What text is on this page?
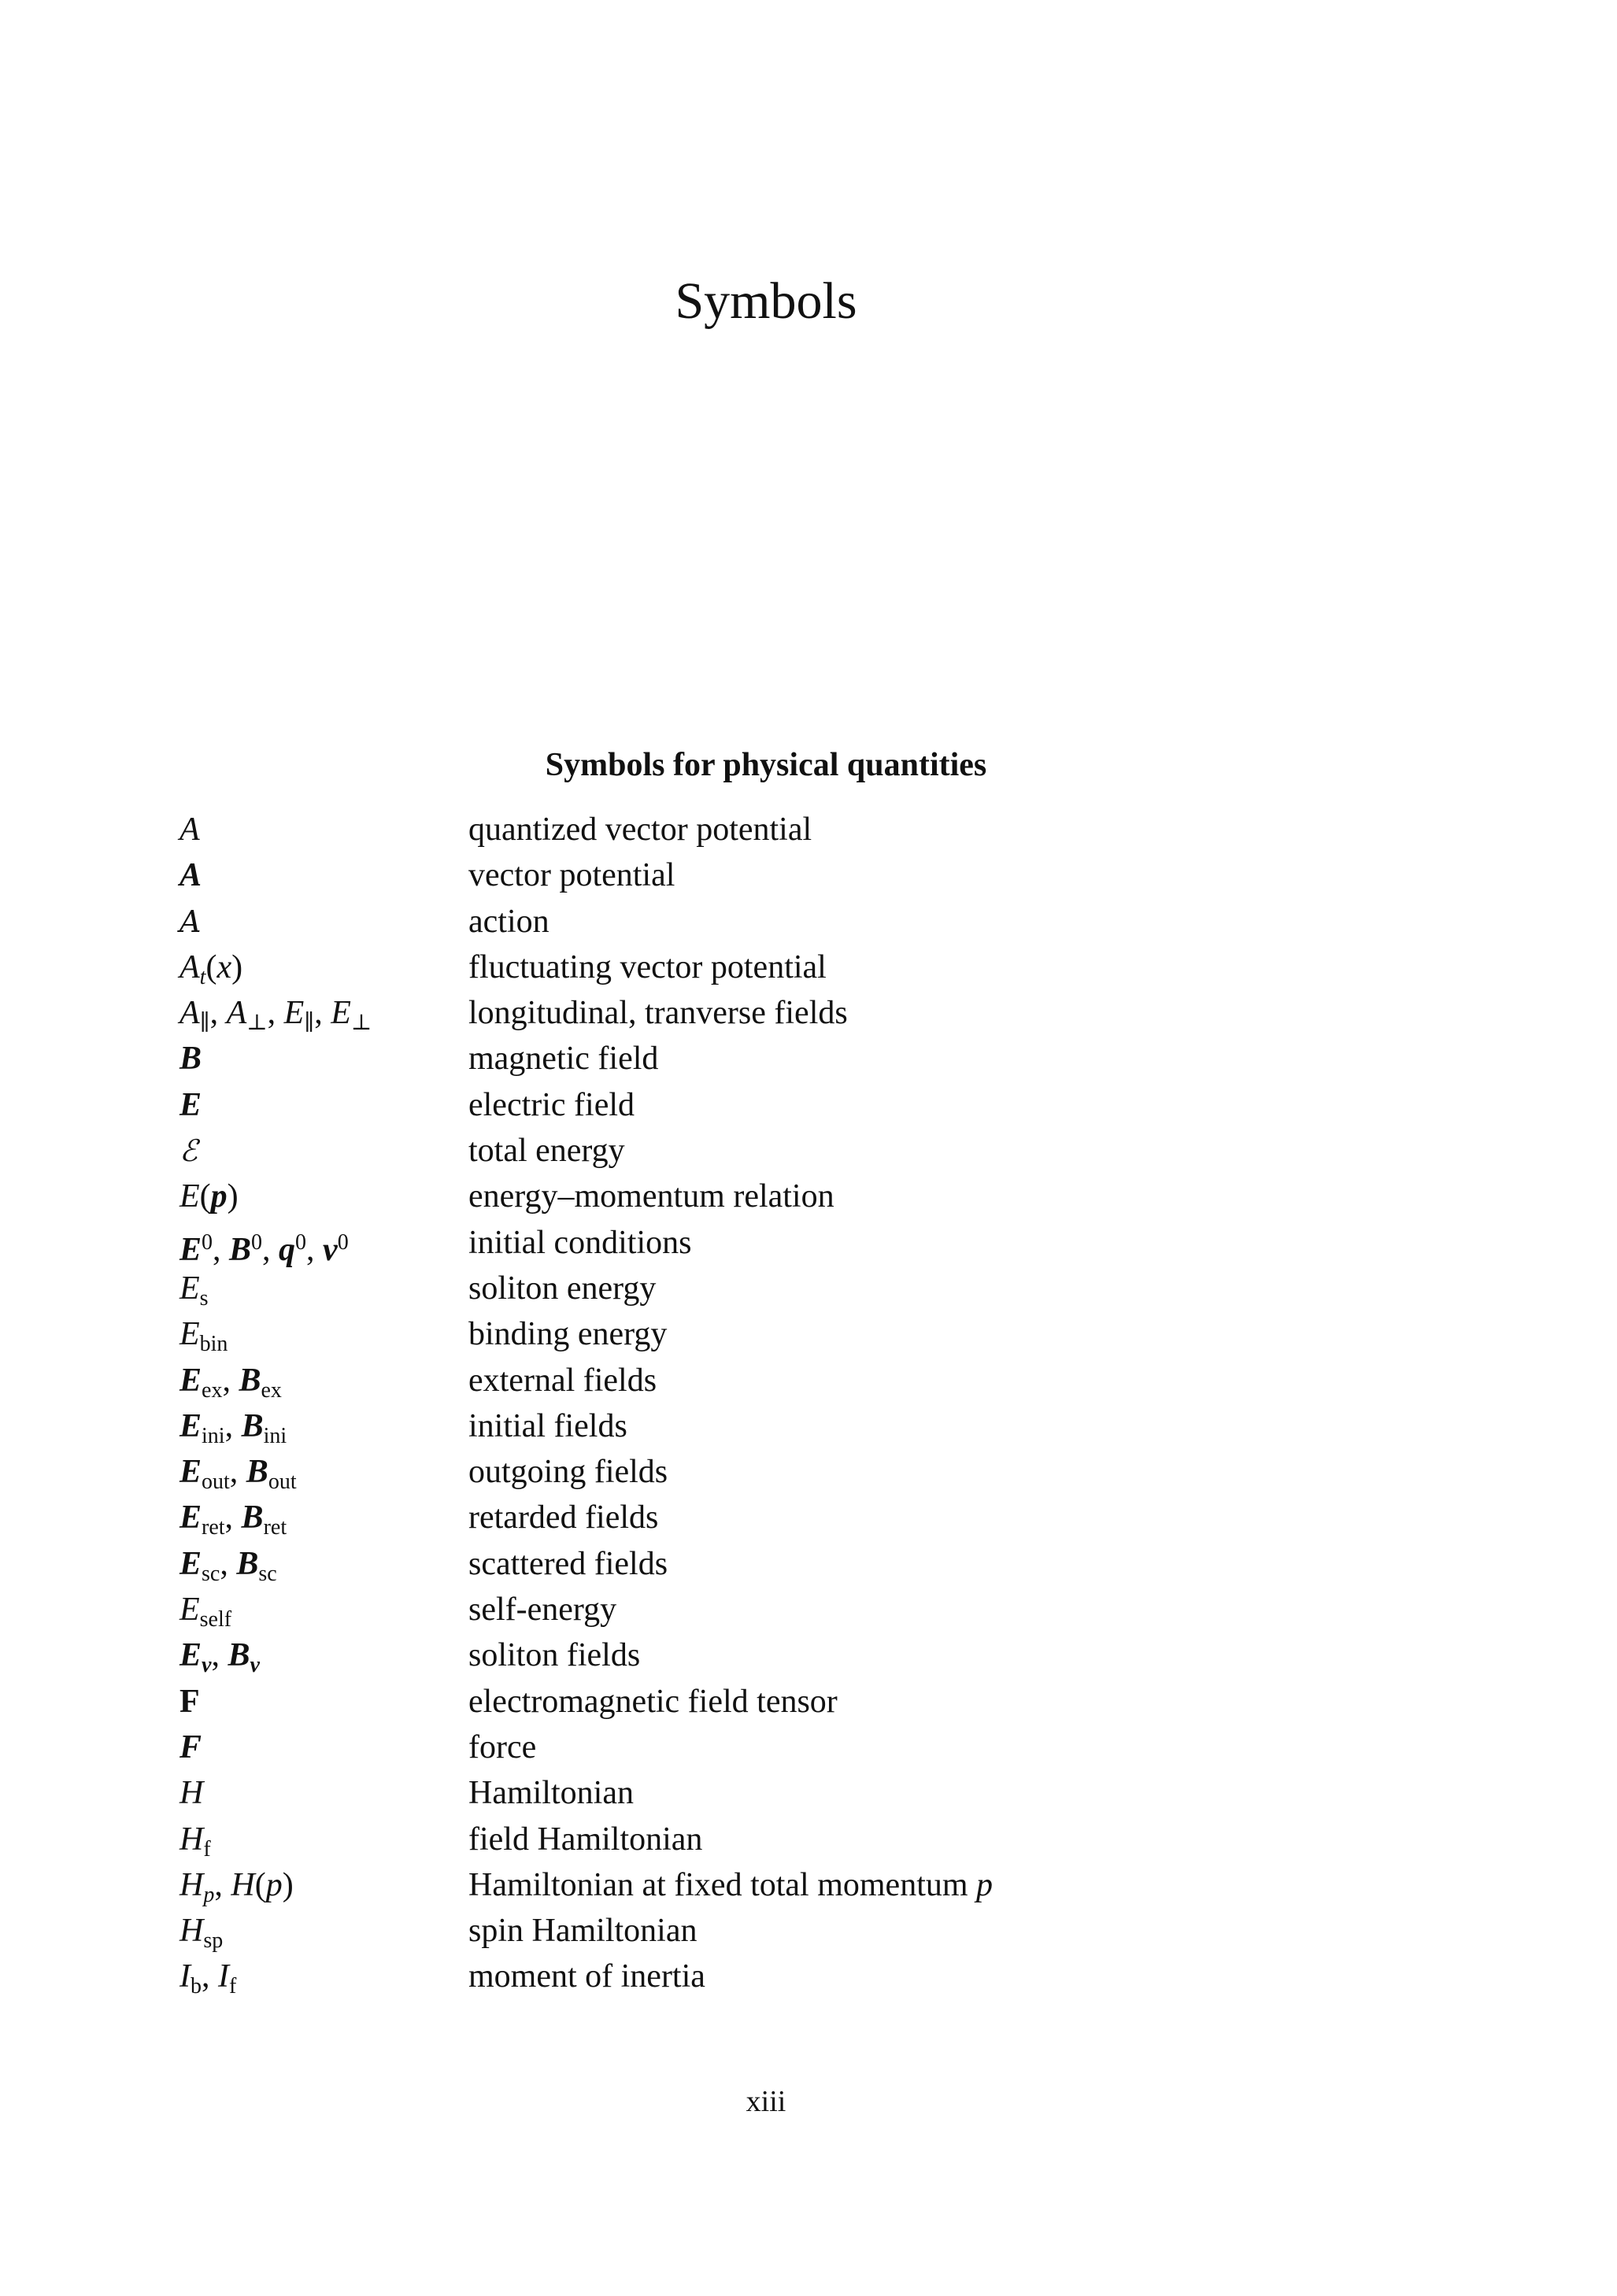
Symbols
Symbols for physical quantities
A	quantized vector potential
A	vector potential
A	action
At(x)	fluctuating vector potential
$A_\parallel$, $A_\perp$, $E_\parallel$, $E_\perp$	longitudinal, tranverse fields
B	magnetic field
E	electric field
ℰ	total energy
E(p)	energy–momentum relation
$E^0$, $B^0$, $q^0$, $v^0$	initial conditions
$E_s$	soliton energy
$E_{bin}$	binding energy
$E_{ex}$, $B_{ex}$	external fields
$E_{ini}$, $B_{ini}$	initial fields
$E_{out}$, $B_{out}$	outgoing fields
$E_{ret}$, $B_{ret}$	retarded fields
$E_{sc}$, $B_{sc}$	scattered fields
$E_{self}$	self-energy
Ev, Bv	soliton fields
F	electromagnetic field tensor
F	force
H	Hamiltonian
$H_f$	field Hamiltonian
Hp, H(p)	Hamiltonian at fixed total momentum p
$H_{sp}$	spin Hamiltonian
$I_b$, $I_f$	moment of inertia
xiii
